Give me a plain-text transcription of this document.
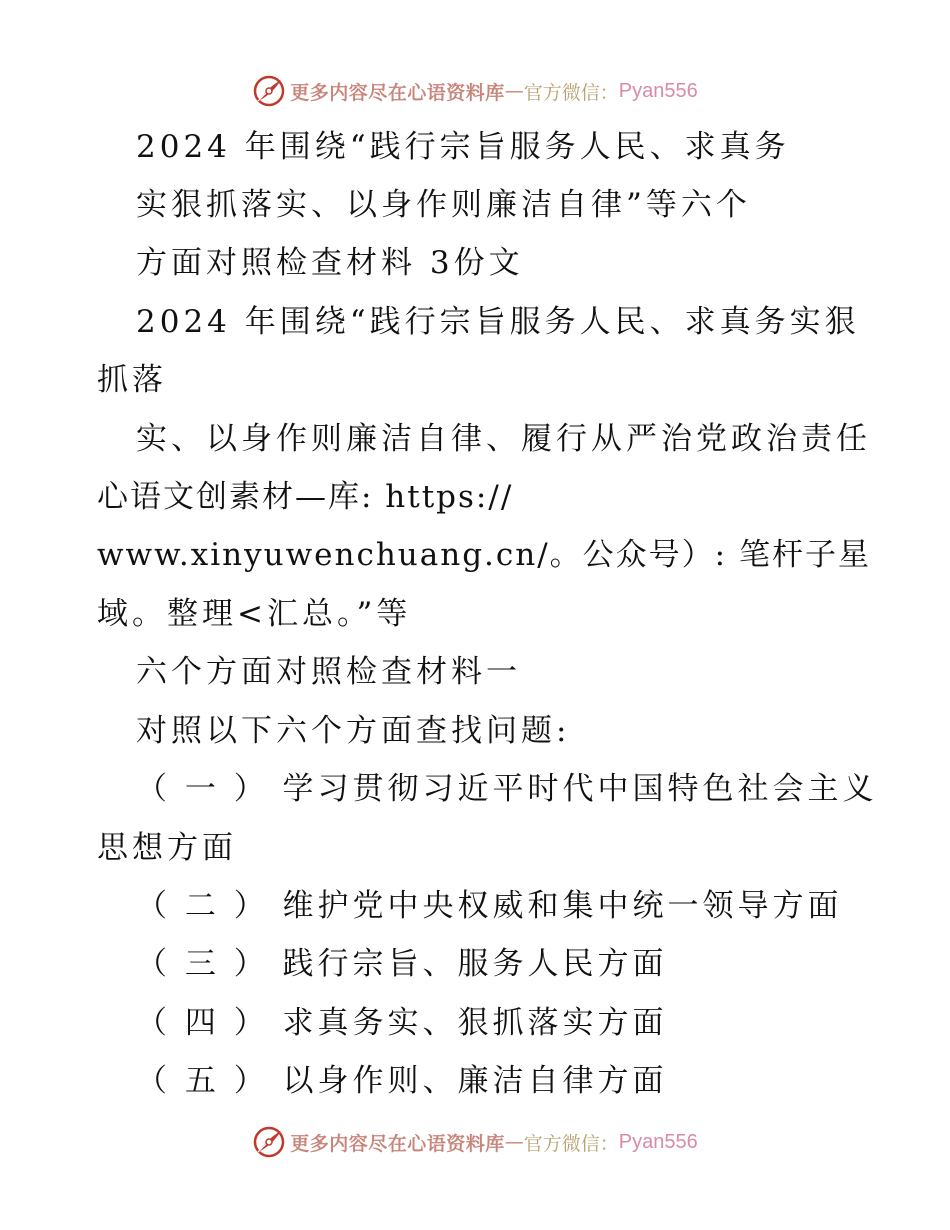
更多内容尽在心语资料库 — 官方微信： Pyan556
2024 年围绕“践行宗旨服务人民、求真务
实狠抓落实、以身作则廉洁自律”等六个
方面对照检查材料 3份文
2024 年围绕“践行宗旨服务人民、求真务实狠
抓落
实、以身作则廉洁自律、履行从严治党政治责任
心语文创素材—库: https://
www.xinyuwenchuang.cn/。公众号）: 笔杆子星
域。整理<汇总。”等
六个方面对照检查材料一
对照以下六个方面查找问题:
（ 一 ） 学习贯彻习近平时代中国特色社会主义
思想方面
（ 二 ） 维护党中央权威和集中统一领导方面
（ 三 ） 践行宗旨、服务人民方面
（ 四 ） 求真务实、狠抓落实方面
（ 五 ） 以身作则、廉洁自律方面
更多内容尽在心语资料库 — 官方微信： Pyan556
